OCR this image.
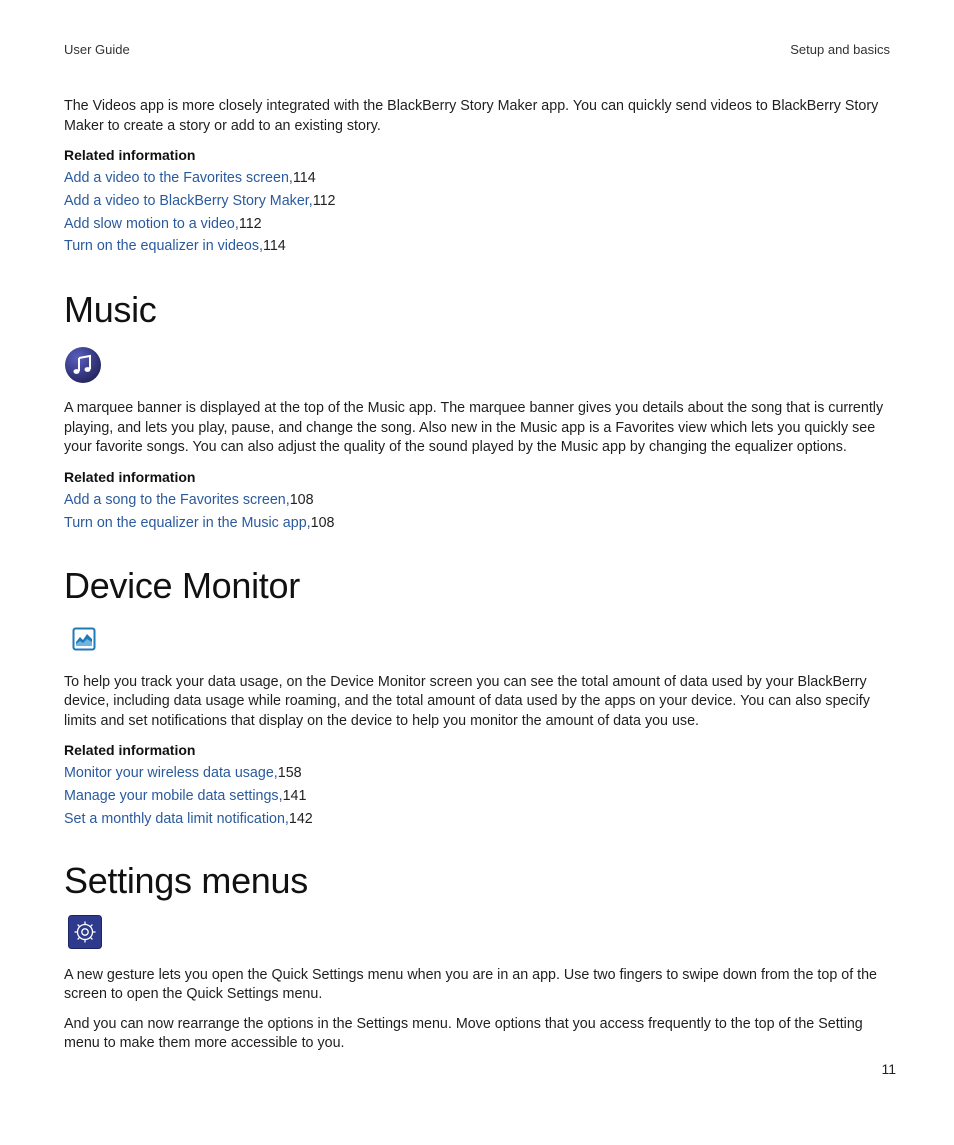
User Guide	Setup and basics

The Videos app is more closely integrated with the BlackBerry Story Maker app. You can quickly send videos to BlackBerry Story Maker to create a story or add to an existing story.

Related information
Add a video to the Favorites screen,114
Add a video to BlackBerry Story Maker,112
Add slow motion to a video,112
Turn on the equalizer in videos,114
Music

A marquee banner is displayed at the top of the Music app. The marquee banner gives you details about the song that is currently playing, and lets you play, pause, and change the song. Also new in the Music app is a Favorites view which lets you quickly see your favorite songs. You can also adjust the quality of the sound played by the Music app by changing the equalizer options.

Related information
Add a song to the Favorites screen,108
Turn on the equalizer in the Music app,108
Device Monitor

To help you track your data usage, on the Device Monitor screen you can see the total amount of data used by your BlackBerry device, including data usage while roaming, and the total amount of data used by the apps on your device. You can also specify limits and set notifications that display on the device to help you monitor the amount of data you use.

Related information
Monitor your wireless data usage,158
Manage your mobile data settings,141
Set a monthly data limit notification,142
Settings menus

A new gesture lets you open the Quick Settings menu when you are in an app. Use two fingers to swipe down from the top of the screen to open the Quick Settings menu.

And you can now rearrange the options in the Settings menu. Move options that you access frequently to the top of the Setting menu to make them more accessible to you.

11
